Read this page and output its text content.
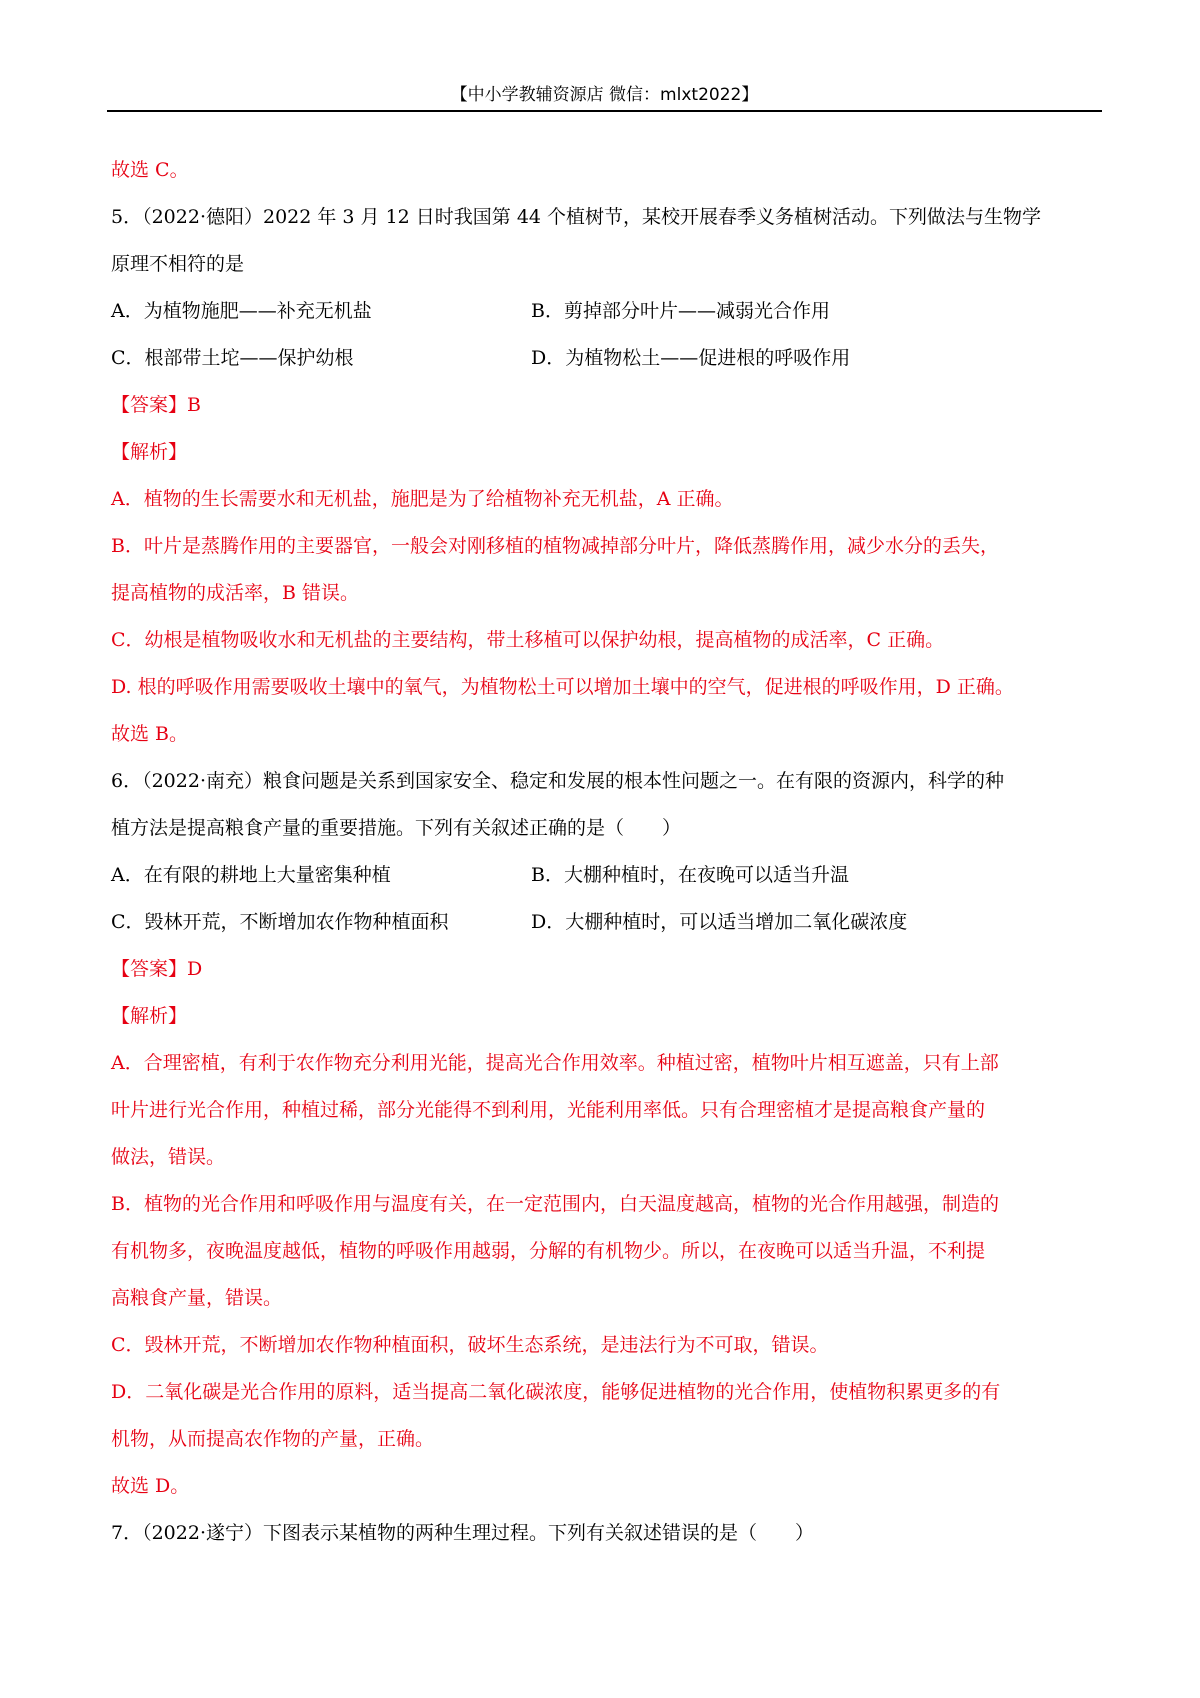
【中小学教辅资源店 微信：mlxt2022】
故选 C。
5．（2022·德阳）2022 年 3 月 12 日时我国第 44 个植树节，某校开展春季义务植树活动。下列做法与生物学
原理不相符的是
A．为植物施肥——补充无机盐	B．剪掉部分叶片——减弱光合作用
C．根部带土坨——保护幼根	D．为植物松土——促进根的呼吸作用
【答案】B
【解析】
A．植物的生长需要水和无机盐，施肥是为了给植物补充无机盐，A 正确。
B．叶片是蒸腾作用的主要器官，一般会对刚移植的植物减掉部分叶片，降低蒸腾作用，减少水分的丢失，
提高植物的成活率，B 错误。
C．幼根是植物吸收水和无机盐的主要结构，带土移植可以保护幼根，提高植物的成活率，C 正确。
D. 根的呼吸作用需要吸收土壤中的氧气，为植物松土可以增加土壤中的空气，促进根的呼吸作用，D 正确。
故选 B。
6．（2022·南充）粮食问题是关系到国家安全、稳定和发展的根本性问题之一。在有限的资源内，科学的种
植方法是提高粮食产量的重要措施。下列有关叙述正确的是（　　）
A．在有限的耕地上大量密集种植	B．大棚种植时，在夜晚可以适当升温
C．毁林开荒，不断增加农作物种植面积	D．大棚种植时，可以适当增加二氧化碳浓度
【答案】D
【解析】
A．合理密植，有利于农作物充分利用光能，提高光合作用效率。种植过密，植物叶片相互遮盖，只有上部
叶片进行光合作用，种植过稀，部分光能得不到利用，光能利用率低。只有合理密植才是提高粮食产量的
做法，错误。
B．植物的光合作用和呼吸作用与温度有关，在一定范围内，白天温度越高，植物的光合作用越强，制造的
有机物多，夜晚温度越低，植物的呼吸作用越弱，分解的有机物少。所以，在夜晚可以适当升温，不利提
高粮食产量，错误。
C．毁林开荒，不断增加农作物种植面积，破坏生态系统，是违法行为不可取，错误。
D．二氧化碳是光合作用的原料，适当提高二氧化碳浓度，能够促进植物的光合作用，使植物积累更多的有
机物，从而提高农作物的产量，正确。
故选 D。
7．（2022·遂宁）下图表示某植物的两种生理过程。下列有关叙述错误的是（　　）
